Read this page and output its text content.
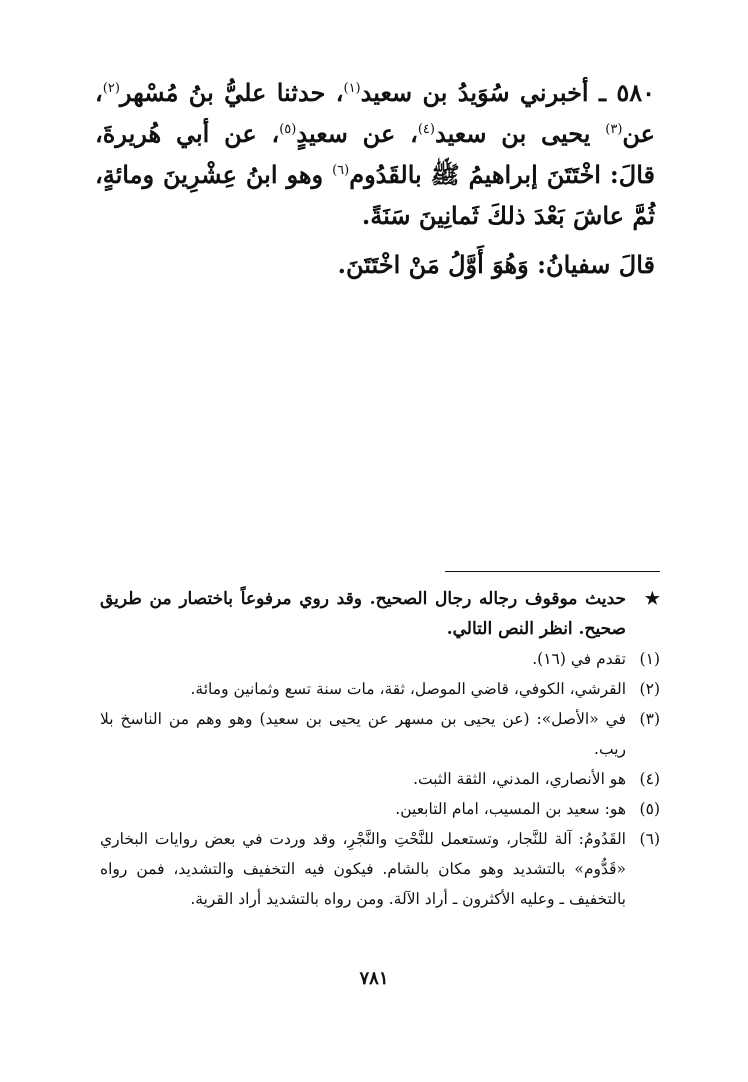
٥٨٠ ـ أخبرني سُوَيدُ بن سعيد$^{(١)}$، حدثنا عليُّ بنُ مُسْهر$^{(٢)}$، عن$^{(٣)}$ يحيى بن سعيد$^{(٤)}$، عن سعيدٍ$^{(٥)}$، عن أبي هُريرةَ، قالَ: اخْتَتَنَ إبراهيمُ ﷺ بالقَدُوم$^{(٦)}$ وهو ابنُ عِشْرِينَ ومائةٍ، ثُمَّ عاشَ بَعْدَ ذلكَ ثَمانِينَ سَنَةً.

قالَ سفيانُ: وَهُوَ أَوَّلُ مَنْ اخْتَتَنَ.

★
حديث موقوف رجاله رجال الصحيح. وقد روي مرفوعاً باختصار من طريق صحيح. انظر النص التالي.
(١)
تقدم في (١٦).
(٢)
القرشي، الكوفي، قاضي الموصل، ثقة، مات سنة تسع وثمانين ومائة.
(٣)
في «الأصل»: (عن يحيى بن مسهر عن يحيى بن سعيد) وهو وهم من الناسخ بلا ريب.
(٤)
هو الأنصاري، المدني، الثقة الثبت.
(٥)
هو: سعيد بن المسيب، امام التابعين.
(٦)
القَدُومُ: آلة للنَّجار، وتستعمل للنَّحْتِ والنَّجْرِ، وقد وردت في بعض روايات البخاري «قَدُّوم» بالتشديد وهو مكان بالشام. فيكون فيه التخفيف والتشديد، فمن رواه بالتخفيف ـ وعليه الأكثرون ـ أراد الآلة. ومن رواه بالتشديد أراد القرية.
٧٨١
